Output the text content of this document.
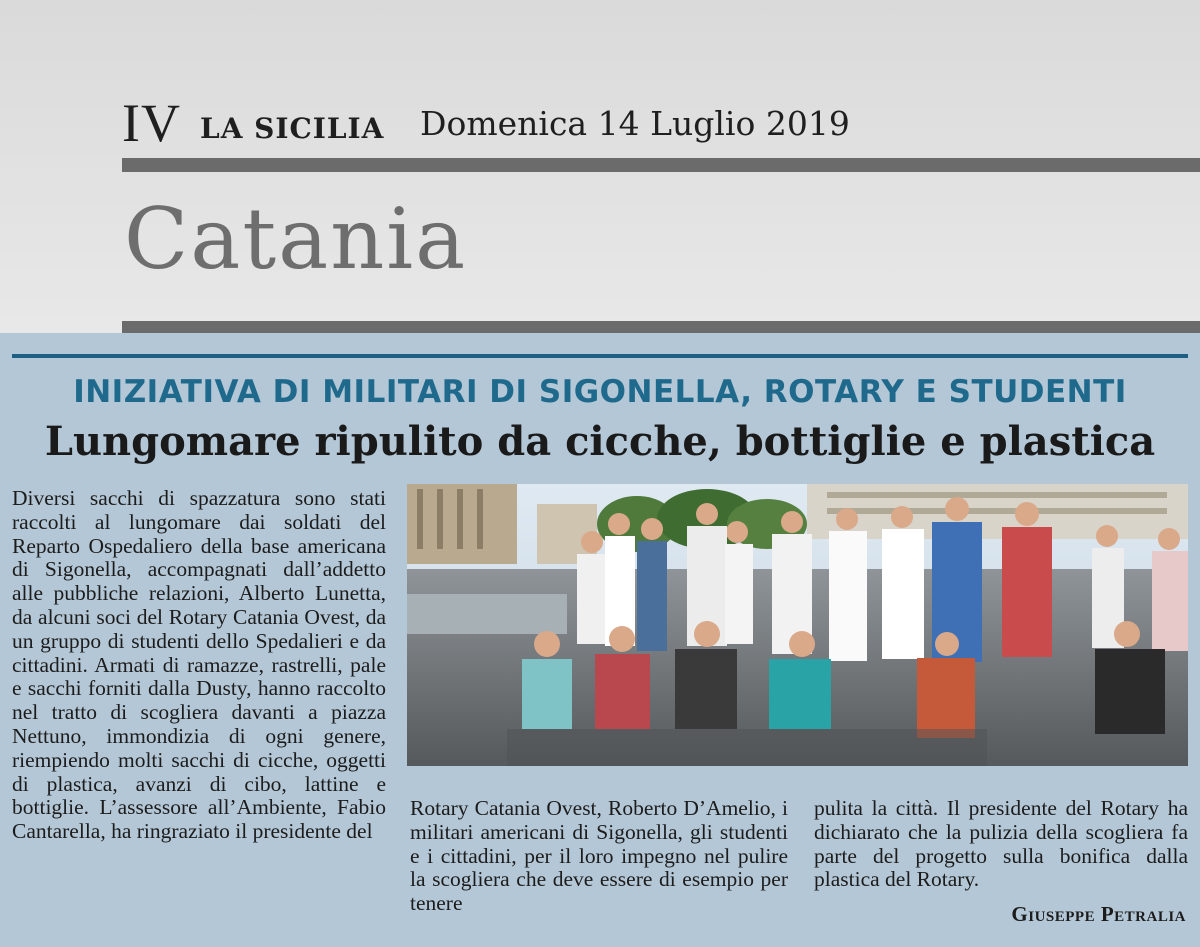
IV LA SICILIA Domenica 14 Luglio 2019
Catania
INIZIATIVA DI MILITARI DI SIGONELLA, ROTARY E STUDENTI
Lungomare ripulito da cicche, bottiglie e plastica

Diversi sacchi di spazzatura sono stati raccolti al lungomare dai soldati del Reparto Ospedaliero della base americana di Sigonella, accompagnati dall’addetto alle pubbliche relazioni, Alberto Lunetta, da alcuni soci del Rotary Catania Ovest, da un gruppo di studenti dello Spedalieri e da cittadini. Armati di ramazze, rastrelli, pale e sacchi forniti dalla Dusty, hanno raccolto nel tratto di scogliera davanti a piazza Nettuno, immondizia di ogni genere, riempiendo molti sacchi di cicche, oggetti di plastica, avanzi di cibo, lattine e bottiglie. L’assessore all’Ambiente, Fabio Cantarella, ha ringraziato il presidente del

Rotary Catania Ovest, Roberto D’Amelio, i militari americani di Sigonella, gli studenti e i cittadini, per il loro impegno nel pulire la scogliera che deve essere di esempio per tenere

pulita la città. Il presidente del Rotary ha dichiarato che la pulizia della scogliera fa parte del progetto sulla bonifica dalla plastica del Rotary.

Giuseppe Petralia
